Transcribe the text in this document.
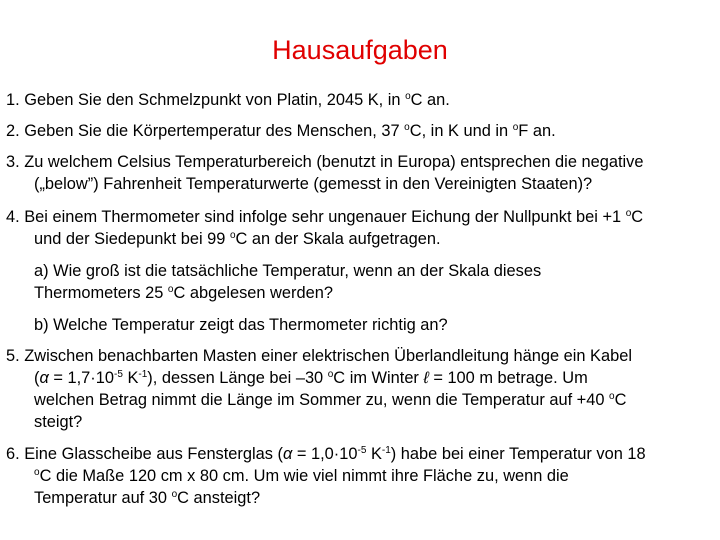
Hausaufgaben
1. Geben Sie den Schmelzpunkt von Platin, 2045 K, in $^o$C an.
2. Geben Sie die Körpertemperatur des Menschen, 37 $^o$C, in K und in $^o$F an.
3. Zu welchem Celsius Temperaturbereich (benutzt in Europa) entsprechen die negative
(„below”) Fahrenheit Temperaturwerte (gemesst in den Vereinigten Staaten)?
4. Bei einem Thermometer sind infolge sehr ungenauer Eichung der Nullpunkt bei +1 $^o$C
und der Siedepunkt bei 99 $^o$C an der Skala aufgetragen.
a) Wie groß ist die tatsächliche Temperatur, wenn an der Skala dieses
Thermometers 25 $^o$C abgelesen werden?
b) Welche Temperatur zeigt das Thermometer richtig an?
5. Zwischen benachbarten Masten einer elektrischen Überlandleitung hänge ein Kabel
($\alpha = 1,7\cdot 10^{-5}$ $K^{-1}$), dessen Länge bei –30 $^o$C im Winter ℓ = 100 m betrage. Um
welchen Betrag nimmt die Länge im Sommer zu, wenn die Temperatur auf +40 $^o$C
steigt?
6. Eine Glasscheibe aus Fensterglas ($\alpha = 1,0\cdot 10^{-5}$ $K^{-1}$) habe bei einer Temperatur von 18
$^o$C die Maße 120 cm x 80 cm. Um wie viel nimmt ihre Fläche zu, wenn die
Temperatur auf 30 $^o$C ansteigt?
